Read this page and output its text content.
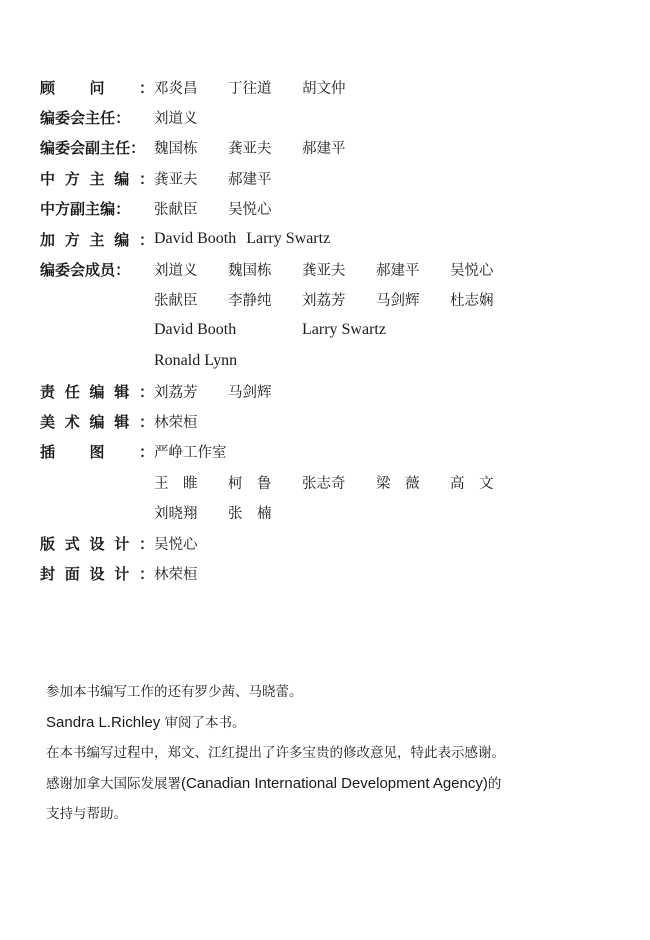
顾 问 ： 邓炎昌	丁往道	胡文仲
编 委 会 主 任 ： 刘道义
编 委 会 副 主 任 ： 魏国栋	龚亚夫	郝建平
中 方 主 编 ： 龚亚夫	郝建平
中 方 副 主 编 ： 张献臣	吴悦心
加 方 主 编 ： David Booth Larry Swartz
编 委 会 成 员 ： 刘道义	魏国栋	龚亚夫	郝建平	吴悦心
张献臣	李静纯	刘荔芳	马剑辉	杜志娴
David Booth	Larry Swartz
Ronald Lynn
责 任 编 辑 ： 刘荔芳	马剑辉
美 术 编 辑 ： 林荣桓
插 图 ： 严峥工作室
王　睢	柯　鲁	张志奇	梁　薇	高　文
刘晓翔	张　楠
版 式 设 计 ： 吴悦心
封 面 设 计 ： 林荣桓

参加本书编写工作的还有罗少茜、马晓蕾。

Sandra L.Richley 审阅了本书。

在本书编写过程中，郑文、江红提出了许多宝贵的修改意见，特此表示感谢。

感谢加拿大国际发展署(Canadian International Development Agency)的

支持与帮助。
